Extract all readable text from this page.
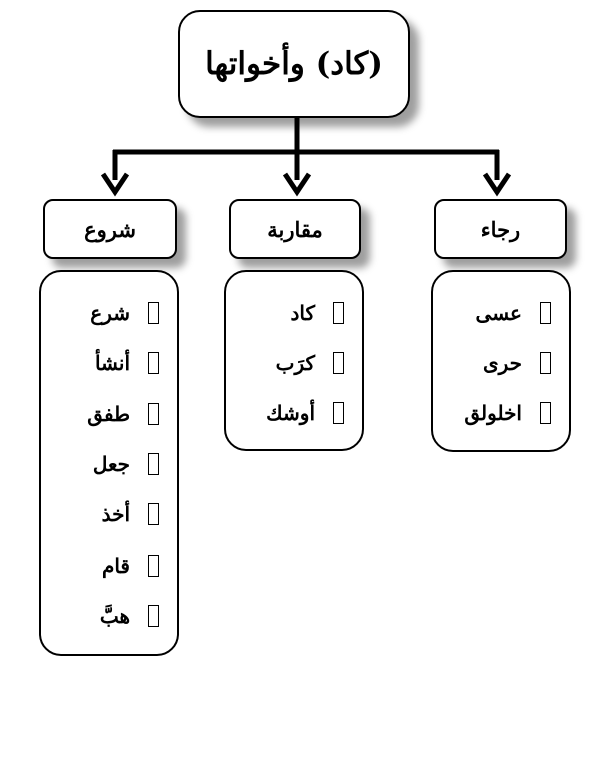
(كاد) وأخواتها
شروع	مقاربة	رجاء
شرع
أنشأ
طفق
جعل
أخذ
قام
هبَّ
كاد
كرَب
أوشك
عسى
حرى
اخلولق
